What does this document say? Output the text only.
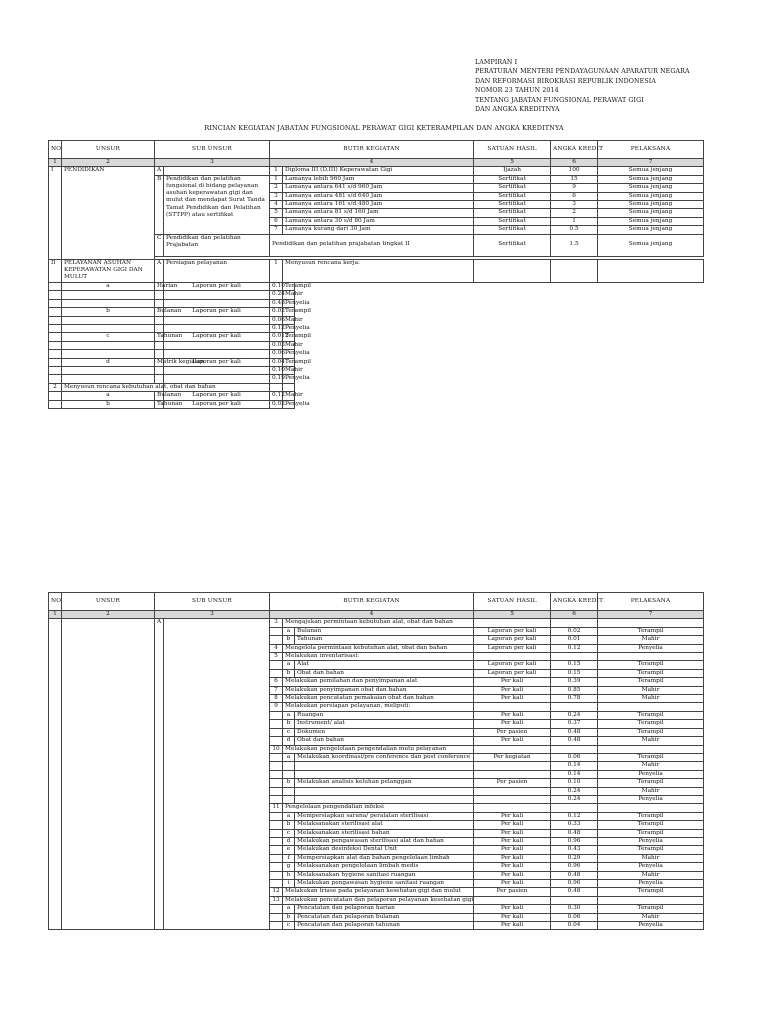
LAMPIRAN I
PERATURAN MENTERI PENDAYAGUNAAN APARATUR NEGARA
DAN REFORMASI BIROKRASI REPUBLIK INDONESIA
NOMOR 23 TAHUN 2014
TENTANG JABATAN FUNGSIONAL PERAWAT GIGI
DAN ANGKA KREDITNYA
RINCIAN KEGIATAN JABATAN FUNGSIONAL PERAWAT GIGI KETERAMPILAN DAN ANGKA KREDITNYA
NO	UNSUR	SUB UNSUR		BUTIR KEGIATAN		SATUAN HASIL	ANGKA KREDIT	PELAKSANA
1	2	3		4		5	6	7
I	PENDIDIKAN	A		1	Diploma III (D.III) Keperawatan Gigi	Ijazah	100	Semua jenjang
		B	Pendidikan dan pelatihan fungsional di bidang pelayanan asuhan keperawatan gigi dan mulut dan mendapat Surat Tanda Tamat Pendidikan dan Pelatihan (STTPP) atau sertifikat	1	Lamanya lebih 960 Jam	Sertifikat	15	Semua jenjang
				2	Lamanya antara 641 s/d 960 Jam	Sertifikat	9	Semua jenjang
				3	Lamanya antara 481 s/d 640 Jam	Sertifikat	6	Semua jenjang
				4	Lamanya antara 161 s/d 480 Jam	Sertifikat	3	Semua jenjang
				5	Lamanya antara 81 s/d 160 Jam	Sertifikat	2	Semua jenjang
				6	Lamanya antara 30 s/d 80 Jam	Sertifikat	1	Semua jenjang
				7	Lamanya kurang dari 30 Jam	Sertifikat	0.5	Semua jenjang
		C	Pendidikan dan pelatihan Prajabatan	Pendidikan dan pelatihan prajabatan tingkat II		Sertifikat	1.5	Semua jenjang

II	PELAYANAN ASUHAN KEPERAWATAN GIGI DAN MULUT	A	Persiapan pelayanan	1	Menyusun rencana kerja:			
	a	Harian	Laporan per kali	0.10	Terampil			
				0.24	Mahir			
				0.48	Penyelia			
	b	Bulanan	Laporan per kali	0.02	Terampil			
				0.06	Mahir			
				0.12	Penyelia			
	c	Tahunan	Laporan per kali	0.012	Terampil			
				0.03	Mahir			
				0.06	Penyelia			
	d	Matrik kegiatan	Laporan per kali	0.04	Terampil			
				0.10	Mahir			
				0.19	Penyelia			
2	Menyusun rencana kebutuhan alat, obat dan bahan							
	a	Bulanan	Laporan per kali	0.12	Mahir			
	b	Tahunan	Laporan per kali	0.02	Penyelia			
NO	UNSUR	SUB UNSUR		BUTIR KEGIATAN			SATUAN HASIL	ANGKA KREDIT	PELAKSANA
1	2	3		4			5	6	7
		A		3	Mengajukan permintaan kebutuhan alat, obat dan bahan				
					a	Bulanan	Laporan per kali	0.02	Terampil
					b	Tahunan	Laporan per kali	0.01	Mahir
				4	Mengelola permintaan kebutuhan alat, obat dan bahan		Laporan per kali	0.12	Penyelia
				5	Melakukan inventarisasi:				
					a	Alat	Laporan per kali	0.15	Terampil
					b	Obat dan bahan	Laporan per kali	0.15	Terampil
				6	Melakukan pemilahan dan penyimpanan alat		Per kali	0.39	Terampil
				7	Melakukan penyimpanan obat dan bahan		Per kali	0.85	Mahir
				8	Melakukan pencatatan pemakaian obat dan bahan		Per kali	0.78	Mahir
				9	Melakukan persiapan pelayanan, meliputi:				
					a	Ruangan	Per kali	0.24	Terampil
					b	Instrument/ alat	Per kali	0.37	Terampil
					c	Dokumen	Per pasien	0.48	Terampil
					d	Obat dan bahan	Per kali	0.48	Mahir
				10	Melakukan pengelolaan pengendalian mutu pelayanan				
					a	Melakukan koordinasi/pre conference dan post conference	Per kegiatan	0.06	Terampil
								0.14	Mahir
								0.14	Penyelia
					b	Melakukan analisis keluhan pelanggan	Per pasien	0.10	Terampil
								0.24	Mahir
								0.24	Penyelia
				11	Pengelolaan pengendalian infeksi				
					a	Mempersiapkan sarana/ peralatan sterilisasi	Per kali	0.12	Terampil
					b	Melaksanakan sterilisasi alat	Per kali	0.33	Terampil
					c	Melaksanakan sterilisasi bahan	Per kali	0.48	Terampil
					d	Melakukan pengawasan sterilisasi alat dan bahan	Per kali	0.96	Penyelia
					e	Melakukan desinfeksi Dental Unit	Per kali	0.43	Terampil
					f	Mempersiapkan alat dan bahan pengelolaan limbah	Per kali	0.29	Mahir
					g	Melaksanakan pengelolaan limbah medis	Per kali	0.96	Penyelia
					h	Melaksanakan hygiene sanitasi ruangan	Per kali	0.48	Mahir
					i	Melakukan pengawasan hygiene sanitasi ruangan	Per kali	0.96	Penyelia
				12	Melakukan triase pada pelayanan kesehatan gigi dan mulut		Per pasien	0.48	Terampil
				13	Melakukan pencatatan dan pelaporan pelayanan kesehatan gigi				
					a	Pencatatan dan pelaporan harian	Per kali	0.30	Terampil
					b	Pencatatan dan pelaporan bulanan	Per kali	0.06	Mahir
					c	Pencatatan dan pelaporan tahunan	Per kali	0.04	Penyelia
